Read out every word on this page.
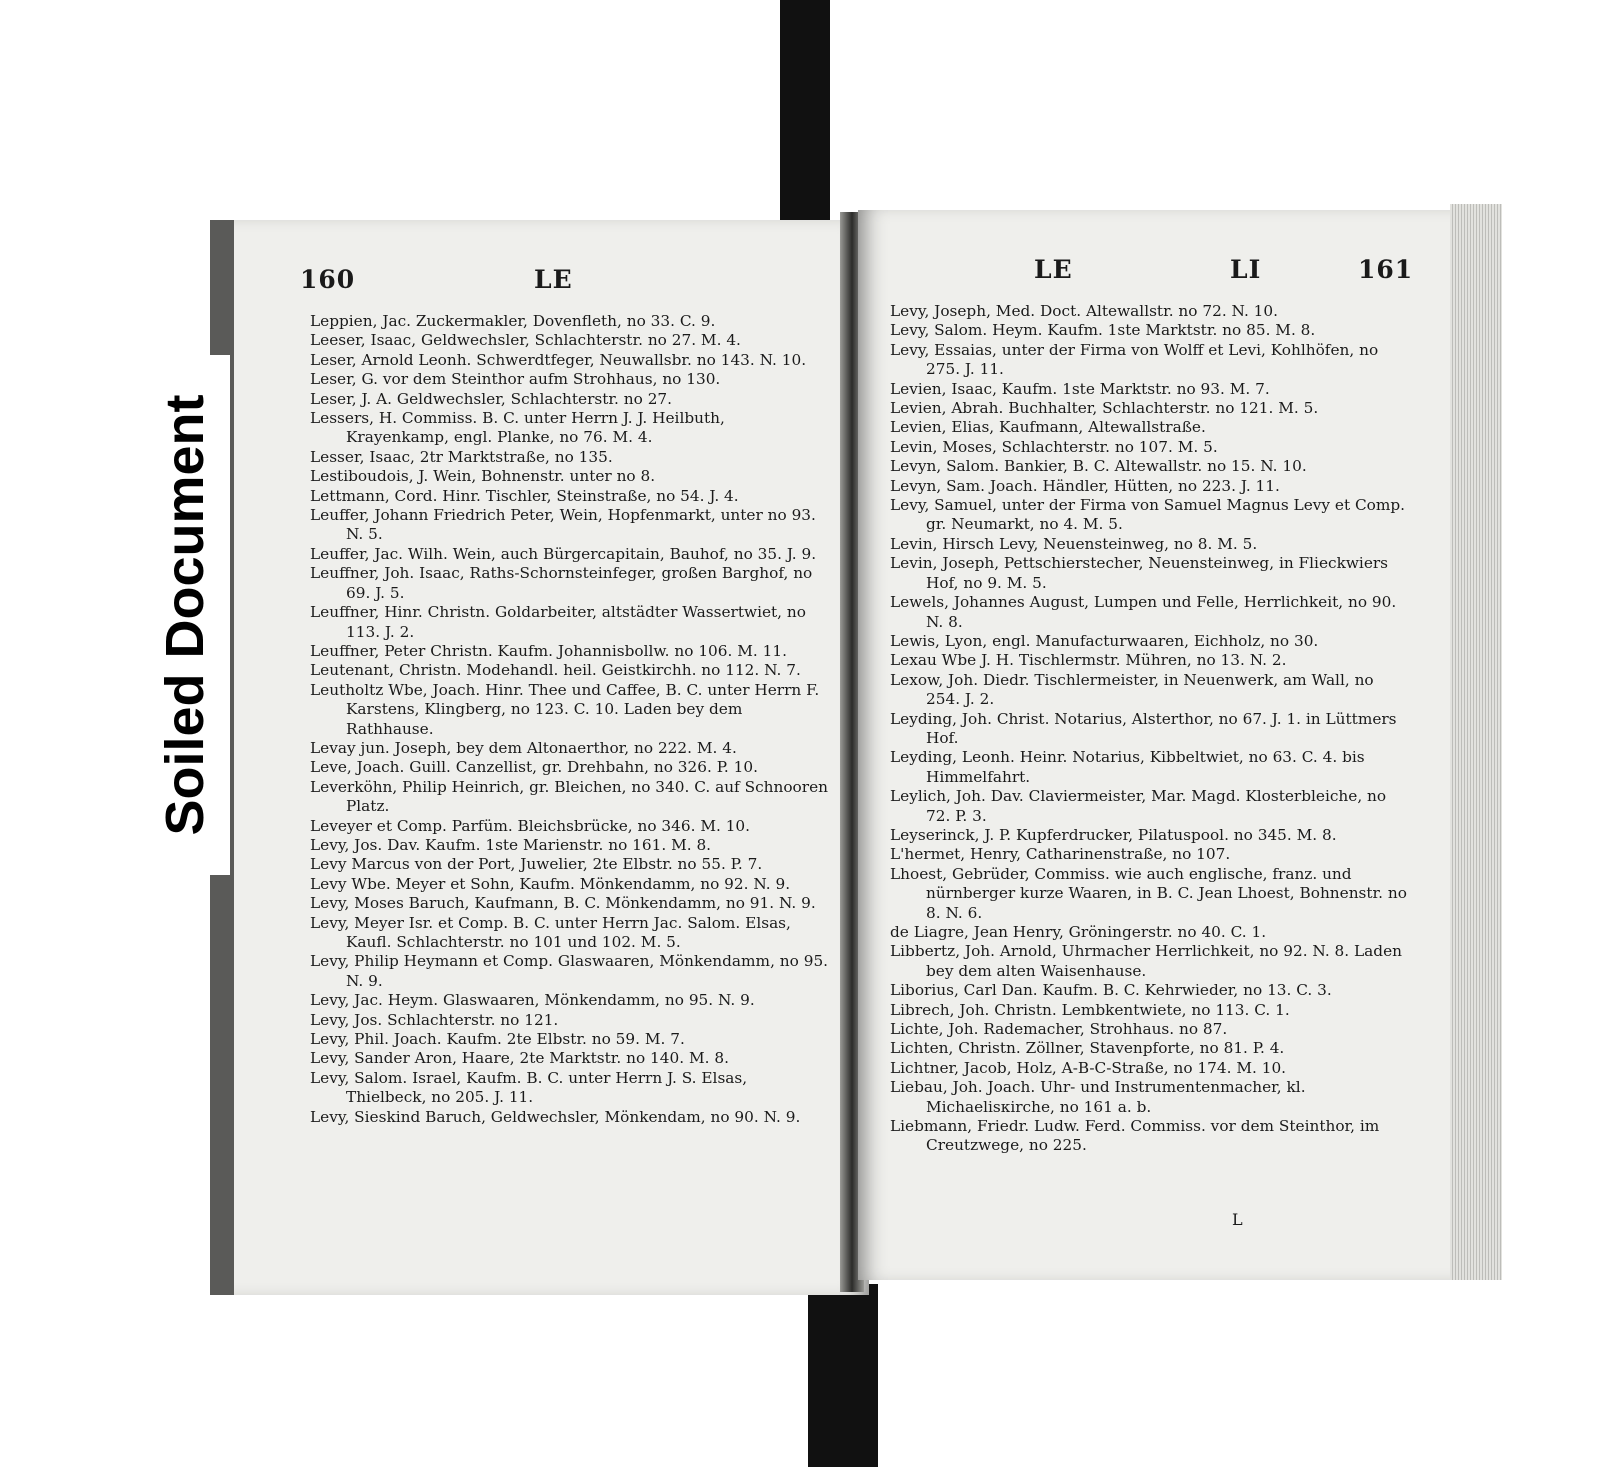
160	LE
Leppien, Jac. Zuckermakler, Dovenfleth, no 33. C. 9.
Leeser, Isaac, Geldwechsler, Schlachterstr. no 27. M. 4.
Leser, Arnold Leonh. Schwerdtfeger, Neuwallsbr. no 143. N. 10.
Leser, G. vor dem Steinthor aufm Strohhaus, no 130.
Leser, J. A. Geldwechsler, Schlachterstr. no 27.
Lessers, H. Commiss. B. C. unter Herrn J. J. Heilbuth, Krayenkamp, engl. Planke, no 76. M. 4.
Lesser, Isaac, 2tr Marktstraße, no 135.
Lestiboudois, J. Wein, Bohnenstr. unter no 8.
Lettmann, Cord. Hinr. Tischler, Steinstraße, no 54. J. 4.
Leuffer, Johann Friedrich Peter, Wein, Hopfenmarkt, unter no 93. N. 5.
Leuffer, Jac. Wilh. Wein, auch Bürgercapitain, Bauhof, no 35. J. 9.
Leuffner, Joh. Isaac, Raths-Schornsteinfeger, großen Barghof, no 69. J. 5.
Leuffner, Hinr. Christn. Goldarbeiter, altstädter Wassertwiet, no 113. J. 2.
Leuffner, Peter Christn. Kaufm. Johannisbollw. no 106. M. 11.
Leutenant, Christn. Modehandl. heil. Geistkirchh. no 112. N. 7.
Leutholtz Wbe, Joach. Hinr. Thee und Caffee, B. C. unter Herrn F. Karstens, Klingberg, no 123. C. 10. Laden bey dem Rathhause.
Levay jun. Joseph, bey dem Altonaerthor, no 222. M. 4.
Leve, Joach. Guill. Canzellist, gr. Drehbahn, no 326. P. 10.
Leverköhn, Philip Heinrich, gr. Bleichen, no 340. C. auf Schnooren Platz.
Leveyer et Comp. Parfüm. Bleichsbrücke, no 346. M. 10.
Levy, Jos. Dav. Kaufm. 1ste Marienstr. no 161. M. 8.
Levy Marcus von der Port, Juwelier, 2te Elbstr. no 55. P. 7.
Levy Wbe. Meyer et Sohn, Kaufm. Mönkendamm, no 92. N. 9.
Levy, Moses Baruch, Kaufmann, B. C. Mönkendamm, no 91. N. 9.
Levy, Meyer Isr. et Comp. B. C. unter Herrn Jac. Salom. Elsas, Kaufl. Schlachterstr. no 101 und 102. M. 5.
Levy, Philip Heymann et Comp. Glaswaaren, Mönkendamm, no 95. N. 9.
Levy, Jac. Heym. Glaswaaren, Mönkendamm, no 95. N. 9.
Levy, Jos. Schlachterstr. no 121.
Levy, Phil. Joach. Kaufm. 2te Elbstr. no 59. M. 7.
Levy, Sander Aron, Haare, 2te Marktstr. no 140. M. 8.
Levy, Salom. Israel, Kaufm. B. C. unter Herrn J. S. Elsas, Thielbeck, no 205. J. 11.
Levy, Sieskind Baruch, Geldwechsler, Mönkendam, no 90. N. 9.
LE	LI	161
Levy, Joseph, Med. Doct. Altewallstr. no 72. N. 10.
Levy, Salom. Heym. Kaufm. 1ste Marktstr. no 85. M. 8.
Levy, Essaias, unter der Firma von Wolff et Levi, Kohlhöfen, no 275. J. 11.
Levien, Isaac, Kaufm. 1ste Marktstr. no 93. M. 7.
Levien, Abrah. Buchhalter, Schlachterstr. no 121. M. 5.
Levien, Elias, Kaufmann, Altewallstraße.
Levin, Moses, Schlachterstr. no 107. M. 5.
Levyn, Salom. Bankier, B. C. Altewallstr. no 15. N. 10.
Levyn, Sam. Joach. Händler, Hütten, no 223. J. 11.
Levy, Samuel, unter der Firma von Samuel Magnus Levy et Comp. gr. Neumarkt, no 4. M. 5.
Levin, Hirsch Levy, Neuensteinweg, no 8. M. 5.
Levin, Joseph, Pettschierstecher, Neuensteinweg, in Flieckwiers Hof, no 9. M. 5.
Lewels, Johannes August, Lumpen und Felle, Herrlichkeit, no 90. N. 8.
Lewis, Lyon, engl. Manufacturwaaren, Eichholz, no 30.
Lexau Wbe J. H. Tischlermstr. Mühren, no 13. N. 2.
Lexow, Joh. Diedr. Tischlermeister, in Neuenwerk, am Wall, no 254. J. 2.
Leyding, Joh. Christ. Notarius, Alsterthor, no 67. J. 1. in Lüttmers Hof.
Leyding, Leonh. Heinr. Notarius, Kibbeltwiet, no 63. C. 4. bis Himmelfahrt.
Leylich, Joh. Dav. Claviermeister, Mar. Magd. Klosterbleiche, no 72. P. 3.
Leyserinck, J. P. Kupferdrucker, Pilatuspool. no 345. M. 8.
L'hermet, Henry, Catharinenstraße, no 107.
Lhoest, Gebrüder, Commiss. wie auch englische, franz. und nürnberger kurze Waaren, in B. C. Jean Lhoest, Bohnenstr. no 8. N. 6.
de Liagre, Jean Henry, Gröningerstr. no 40. C. 1.
Libbertz, Joh. Arnold, Uhrmacher Herrlichkeit, no 92. N. 8. Laden bey dem alten Waisenhause.
Liborius, Carl Dan. Kaufm. B. C. Kehrwieder, no 13. C. 3.
Librech, Joh. Christn. Lembkentwiete, no 113. C. 1.
Lichte, Joh. Rademacher, Strohhaus. no 87.
Lichten, Christn. Zöllner, Stavenpforte, no 81. P. 4.
Lichtner, Jacob, Holz, A-B-C-Straße, no 174. M. 10.
Liebau, Joh. Joach. Uhr- und Instrumentenmacher, kl. Michaelisкirche, no 161 a. b.
Liebmann, Friedr. Ludw. Ferd. Commiss. vor dem Steinthor, im Creutzwege, no 225.
L
Soiled Document
